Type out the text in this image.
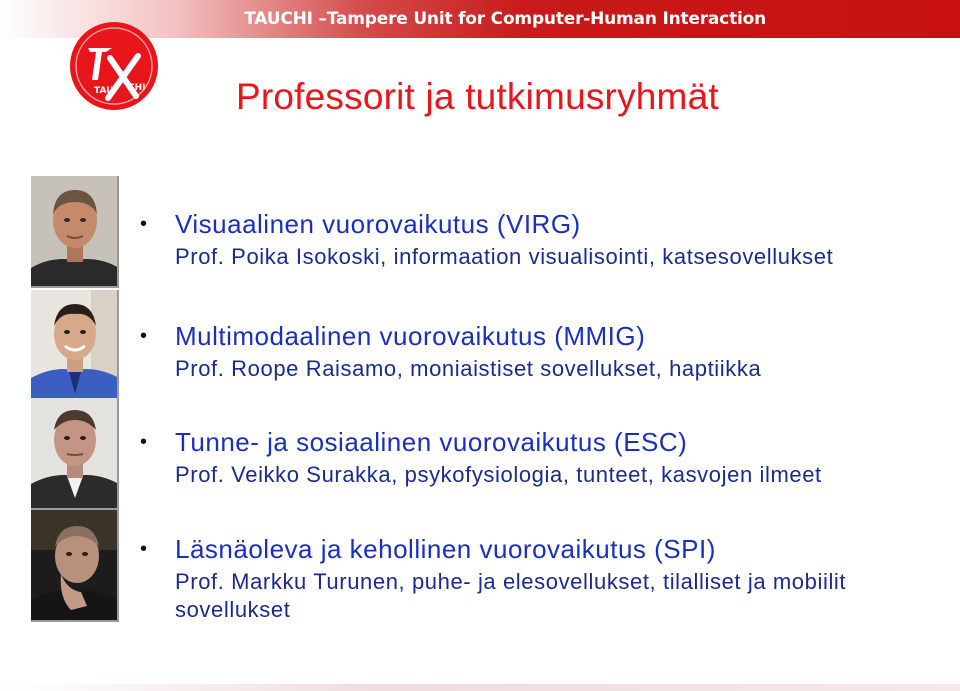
TAUCHI –Tampere Unit for Computer-Human Interaction
TAU CHI Professorit ja tutkimusryhmät
• Visuaalinen vuorovaikutus (VIRG)
Prof. Poika Isokoski, informaation visualisointi, katsesovellukset
• Multimodaalinen vuorovaikutus (MMIG)
Prof. Roope Raisamo, moniaistiset sovellukset, haptiikka
• Tunne- ja sosiaalinen vuorovaikutus (ESC)
Prof. Veikko Surakka, psykofysiologia, tunteet, kasvojen ilmeet
• Läsnäoleva ja kehollinen vuorovaikutus (SPI)
Prof. Markku Turunen, puhe- ja elesovellukset, tilalliset ja mobiilit sovellukset
